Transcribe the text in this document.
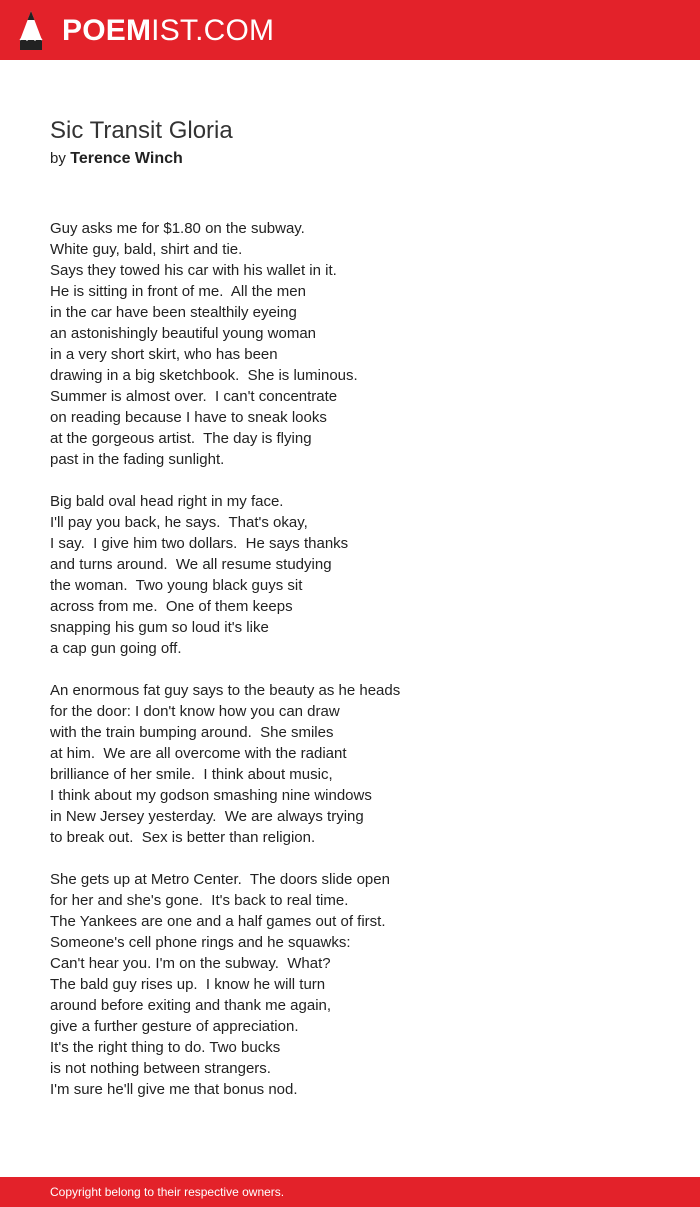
POEMIST.COM
Sic Transit Gloria
by Terence Winch
Guy asks me for $1.80 on the subway.
White guy, bald, shirt and tie.
Says they towed his car with his wallet in it.
He is sitting in front of me.  All the men
in the car have been stealthily eyeing
an astonishingly beautiful young woman
in a very short skirt, who has been
drawing in a big sketchbook.  She is luminous.
Summer is almost over.  I can't concentrate
on reading because I have to sneak looks
at the gorgeous artist.  The day is flying
past in the fading sunlight.
Big bald oval head right in my face.
I'll pay you back, he says.  That's okay,
I say.  I give him two dollars.  He says thanks
and turns around.  We all resume studying
the woman.  Two young black guys sit
across from me.  One of them keeps
snapping his gum so loud it's like
a cap gun going off.
An enormous fat guy says to the beauty as he heads
for the door: I don't know how you can draw
with the train bumping around.  She smiles
at him.  We are all overcome with the radiant
brilliance of her smile.  I think about music,
I think about my godson smashing nine windows
in New Jersey yesterday.  We are always trying
to break out.  Sex is better than religion.
She gets up at Metro Center.  The doors slide open
for her and she's gone.  It's back to real time.
The Yankees are one and a half games out of first.
Someone's cell phone rings and he squawks:
Can't hear you. I'm on the subway.  What?
The bald guy rises up.  I know he will turn
around before exiting and thank me again,
give a further gesture of appreciation.
It's the right thing to do. Two bucks
is not nothing between strangers.
I'm sure he'll give me that bonus nod.
Copyright belong to their respective owners.
